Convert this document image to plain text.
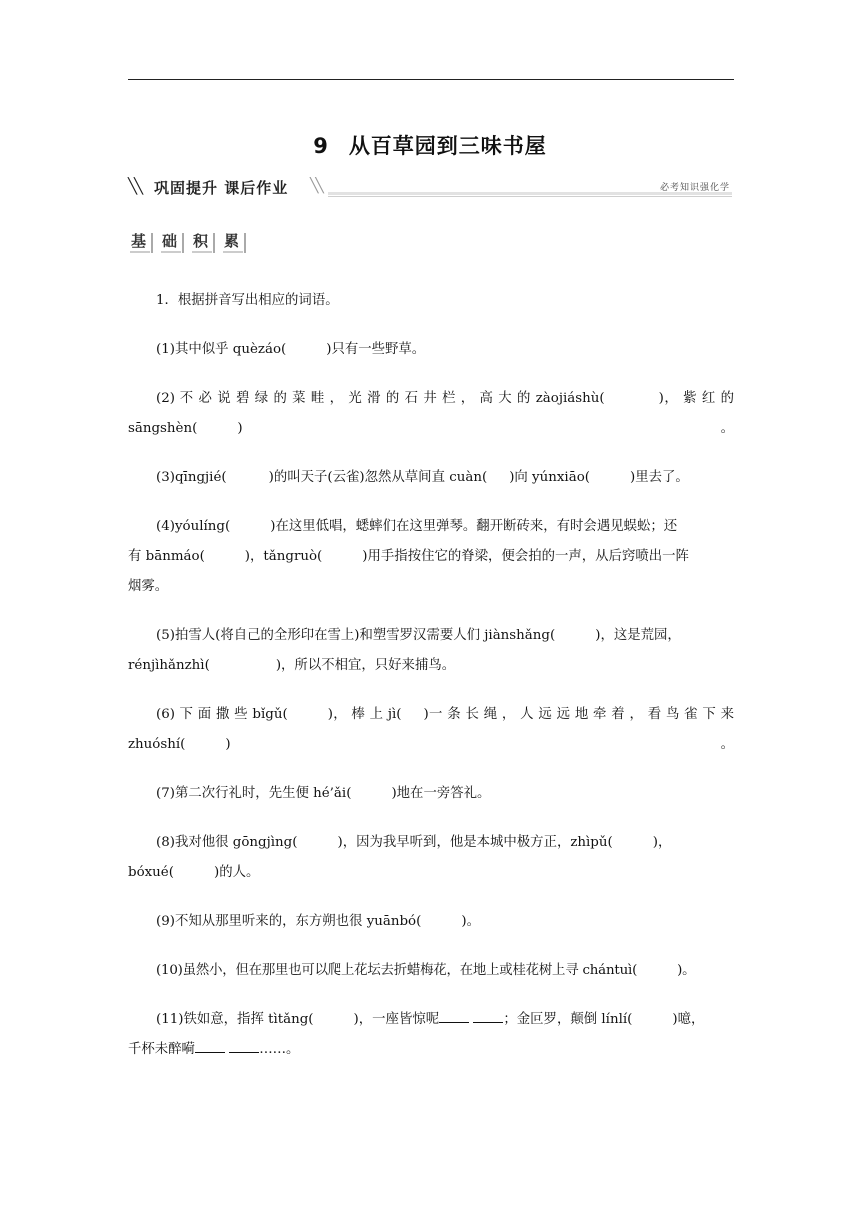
9 从百草园到三味书屋
╲╲ 巩固提升 课后作业 ╲╲	必考知识强化学
基	础	积	累
1．根据拼音写出相应的词语。
(1)其中似乎 quèzáo(	)只有一些野草。
(2) 不 必 说 碧 绿 的 菜 畦 ， 光 滑 的 石 井 栏 ， 高 大 的 zàojiáshù(	)， 紫 红 的
sāngshèn(	)。
(3)qīngjié(	)的叫天子(云雀)忽然从草间直 cuàn( )向 yúnxiāo(	)里去了。
(4)yóulíng(	)在这里低唱，蟋蟀们在这里弹琴。翻开断砖来，有时会遇见蜈蚣；还
有 bānmáo(	)，tǎngruò(	)用手指按住它的脊梁，便会拍的一声，从后窍喷出一阵
烟雾。
(5)拍雪人(将自己的全形印在雪上)和塑雪罗汉需要人们 jiànshǎng(	)，这是荒园，
rénjìhǎnzhì(	)，所以不相宜，只好来捕鸟。
(6) 下 面 撒 些 bǐgǔ(	)， 棒 上 jì( )一 条 长 绳 ， 人 远 远 地 牵 着 ， 看 鸟 雀 下 来
zhuóshí(	)。
(7)第二次行礼时，先生便 hé’ǎi(	)地在一旁答礼。
(8)我对他很 gōngjìng(	)，因为我早听到，他是本城中极方正，zhìpǔ(	)，
bóxué(	)的人。
(9)不知从那里听来的，东方朔也很 yuānbó(	)。
(10)虽然小，但在那里也可以爬上花坛去折蜡梅花，在地上或桂花树上寻 chántuì(	)。
(11)铁如意，指挥 tìtǎng(	)，一座皆惊呢	；金叵罗，颠倒 línlí(	)噫，
千杯未醉嗬	……。
